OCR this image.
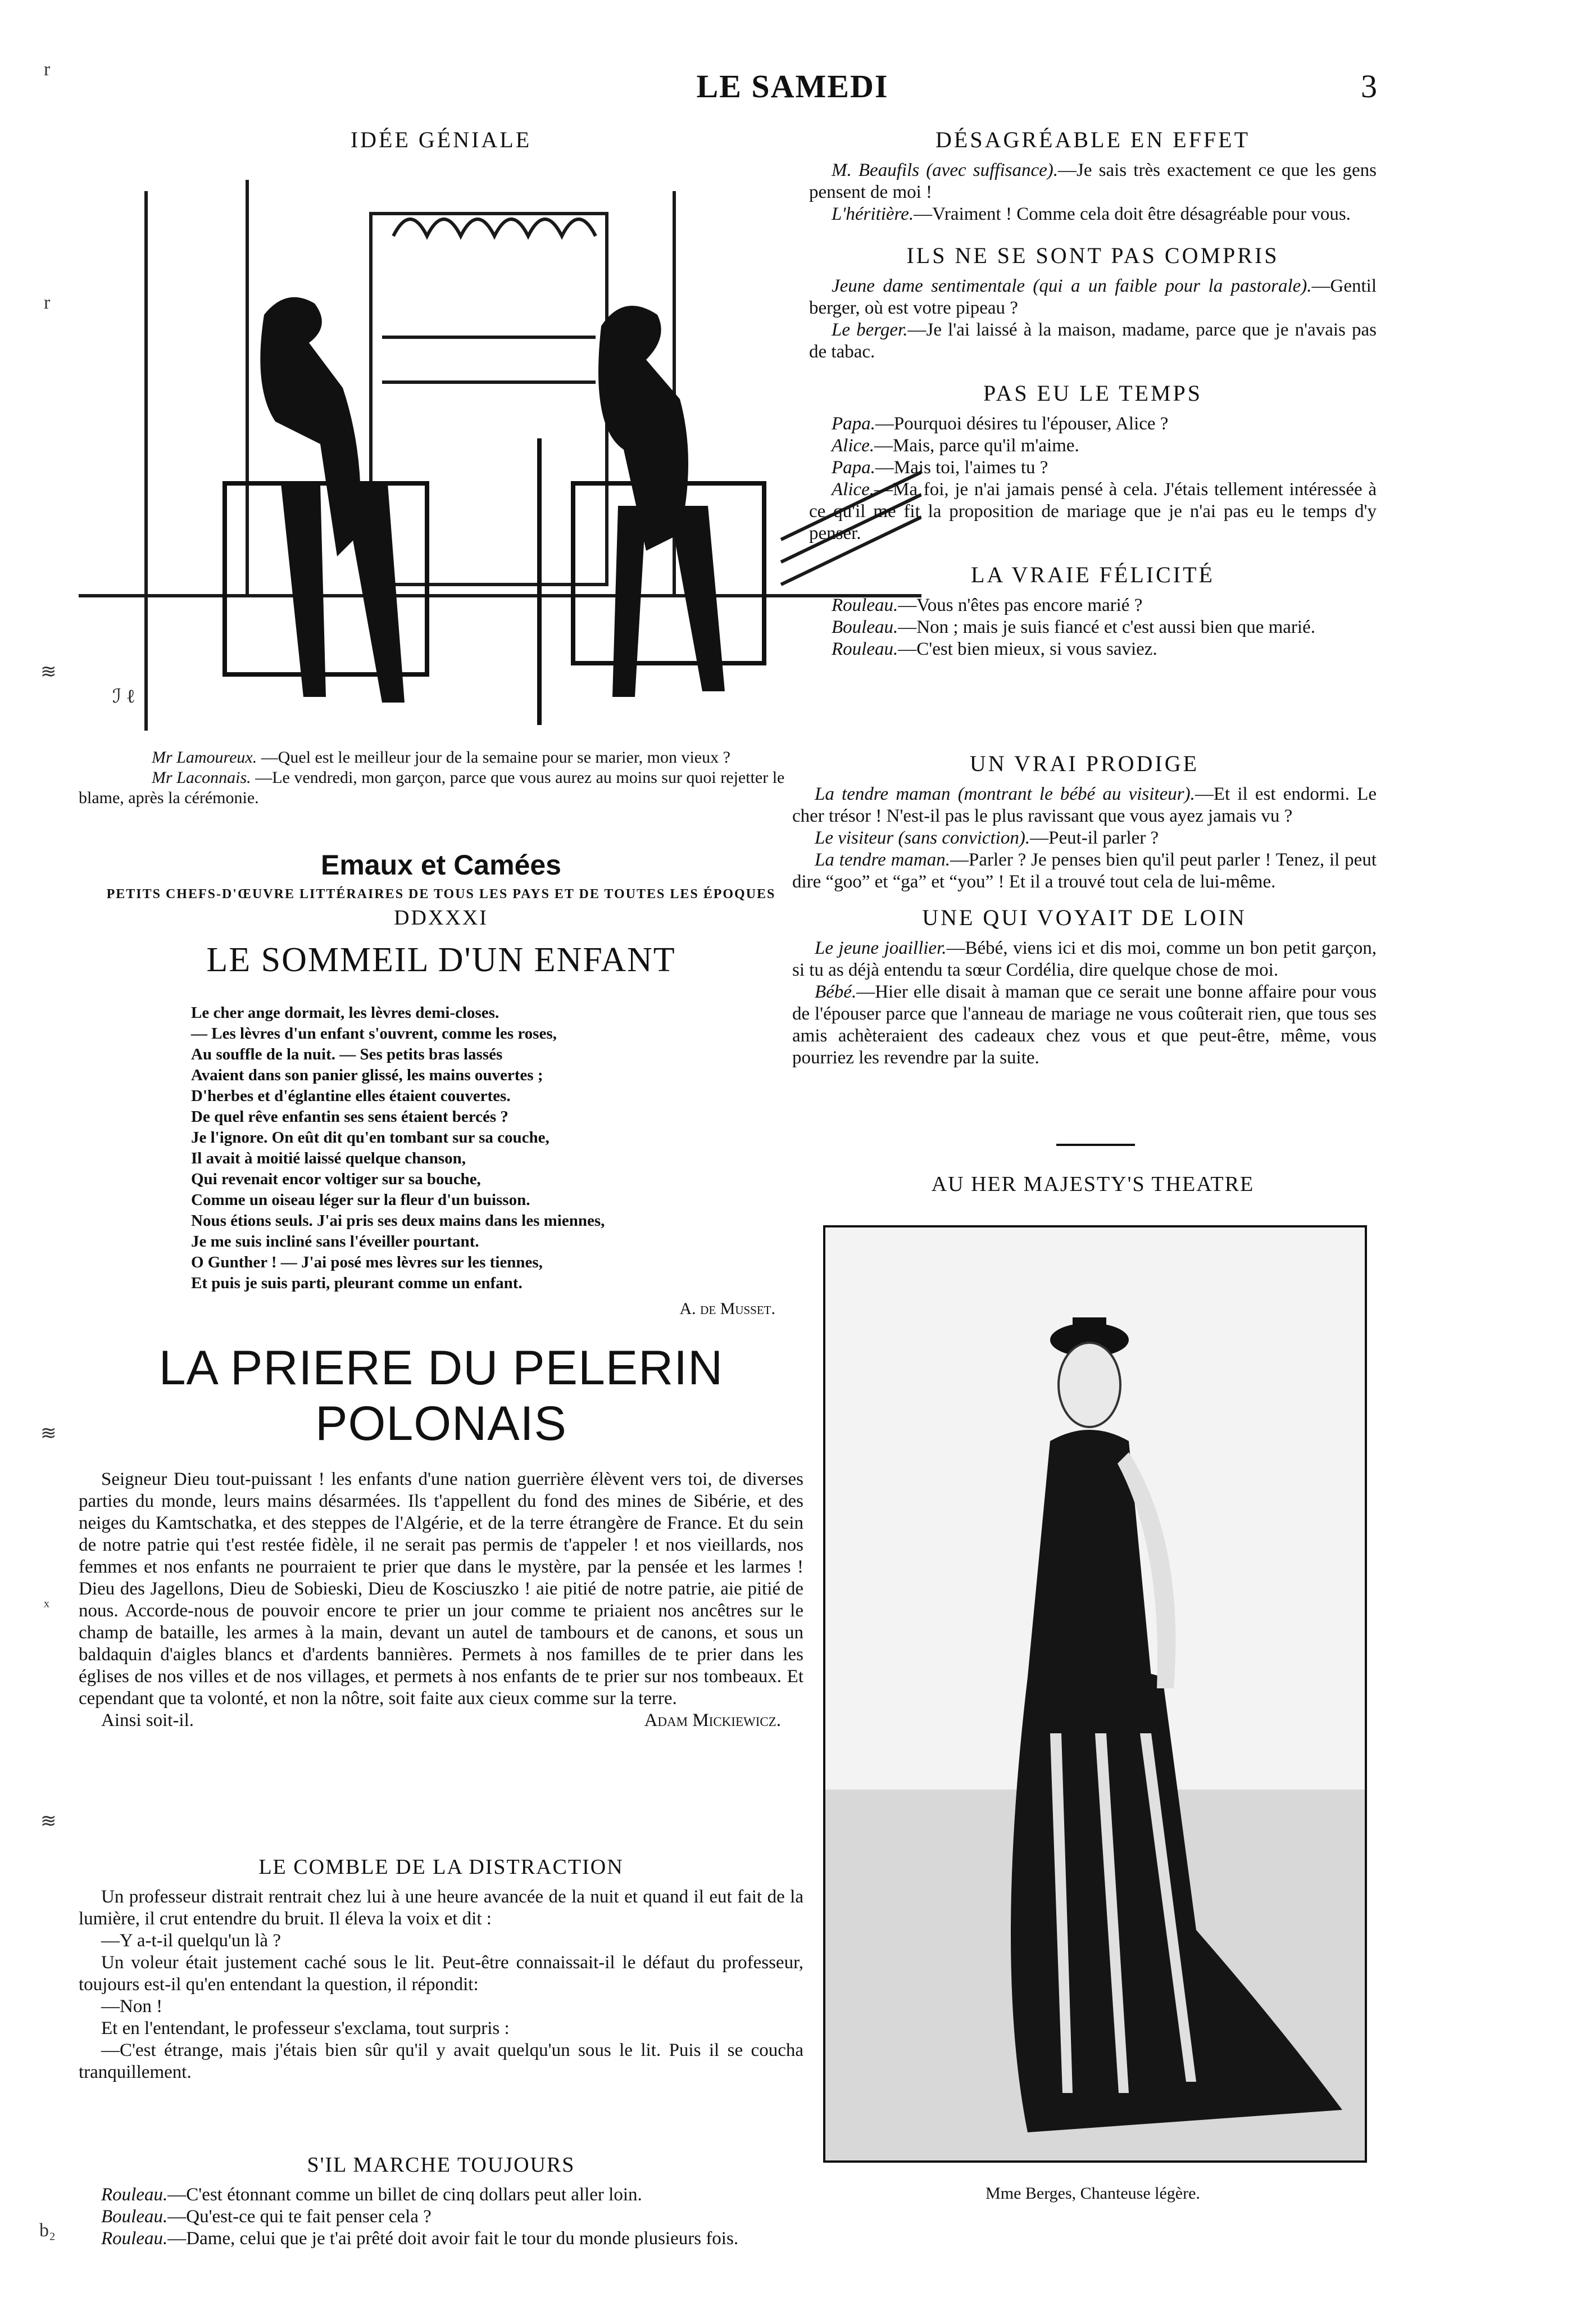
LE SAMEDI	3
r
r
≋
≋
ˣ
≋
b₂
IDÉE GÉNIALE
ℐ ℓ
Mr Lamoureux. —Quel est le meilleur jour de la semaine pour se marier, mon vieux ?
Mr Laconnais. —Le vendredi, mon garçon, parce que vous aurez au moins sur quoi rejetter le blame, après la cérémonie.
Emaux et Camées
PETITS CHEFS-D'ŒUVRE LITTÉRAIRES DE TOUS LES PAYS ET DE TOUTES LES ÉPOQUES
DDXXXI
LE SOMMEIL D'UN ENFANT
Le cher ange dormait, les lèvres demi-closes.
— Les lèvres d'un enfant s'ouvrent, comme les roses,
Au souffle de la nuit. — Ses petits bras lassés
Avaient dans son panier glissé, les mains ouvertes ;
D'herbes et d'églantine elles étaient couvertes.
De quel rêve enfantin ses sens étaient bercés ?
Je l'ignore. On eût dit qu'en tombant sur sa couche,
Il avait à moitié laissé quelque chanson,
Qui revenait encor voltiger sur sa bouche,
Comme un oiseau léger sur la fleur d'un buisson.
Nous étions seuls. J'ai pris ses deux mains dans les miennes,
Je me suis incliné sans l'éveiller pourtant.
O Gunther ! — J'ai posé mes lèvres sur les tiennes,
Et puis je suis parti, pleurant comme un enfant.
A. de Musset.
LA PRIERE DU PELERIN POLONAIS

Seigneur Dieu tout-puissant ! les enfants d'une nation guerrière élèvent vers toi, de diverses parties du monde, leurs mains désarmées. Ils t'appellent du fond des mines de Sibérie, et des neiges du Kamtschatka, et des steppes de l'Algérie, et de la terre étrangère de France. Et du sein de notre patrie qui t'est restée fidèle, il ne serait pas permis de t'appeler ! et nos vieillards, nos femmes et nos enfants ne pourraient te prier que dans le mystère, par la pensée et les larmes ! Dieu des Jagellons, Dieu de Sobieski, Dieu de Kosciuszko ! aie pitié de notre patrie, aie pitié de nous. Accorde-nous de pouvoir encore te prier un jour comme te priaient nos ancêtres sur le champ de bataille, les armes à la main, devant un autel de tambours et de canons, et sous un baldaquin d'aigles blancs et d'ardents bannières. Permets à nos familles de te prier dans les églises de nos villes et de nos villages, et permets à nos enfants de te prier sur nos tombeaux. Et cependant que ta volonté, et non la nôtre, soit faite aux cieux comme sur la terre.

Ainsi soit-il.	Adam Mickiewicz.
LE COMBLE DE LA DISTRACTION

Un professeur distrait rentrait chez lui à une heure avancée de la nuit et quand il eut fait de la lumière, il crut entendre du bruit. Il éleva la voix et dit :

—Y a-t-il quelqu'un là ?

Un voleur était justement caché sous le lit. Peut-être connaissait-il le défaut du professeur, toujours est-il qu'en entendant la question, il répondit:

—Non !

Et en l'entendant, le professeur s'exclama, tout surpris :

—C'est étrange, mais j'étais bien sûr qu'il y avait quelqu'un sous le lit. Puis il se coucha tranquillement.

S'IL MARCHE TOUJOURS

Rouleau.—C'est étonnant comme un billet de cinq dollars peut aller loin.

Bouleau.—Qu'est-ce qui te fait penser cela ?

Rouleau.—Dame, celui que je t'ai prêté doit avoir fait le tour du monde plusieurs fois.

DÉSAGRÉABLE EN EFFET

M. Beaufils (avec suffisance).—Je sais très exactement ce que les gens pensent de moi !

L'héritière.—Vraiment ! Comme cela doit être désagréable pour vous.

ILS NE SE SONT PAS COMPRIS

Jeune dame sentimentale (qui a un faible pour la pastorale).—Gentil berger, où est votre pipeau ?

Le berger.—Je l'ai laissé à la maison, madame, parce que je n'avais pas de tabac.

PAS EU LE TEMPS

Papa.—Pourquoi désires tu l'épouser, Alice ?

Alice.—Mais, parce qu'il m'aime.

Papa.—Mais toi, l'aimes tu ?

Alice.—Ma foi, je n'ai jamais pensé à cela. J'étais tellement intéressée à ce qu'il me fit la proposition de mariage que je n'ai pas eu le temps d'y penser.

LA VRAIE FÉLICITÉ

Rouleau.—Vous n'êtes pas encore marié ?

Bouleau.—Non ; mais je suis fiancé et c'est aussi bien que marié.

Rouleau.—C'est bien mieux, si vous saviez.

UN VRAI PRODIGE

La tendre maman (montrant le bébé au visiteur).—Et il est endormi. Le cher trésor ! N'est-il pas le plus ravissant que vous ayez jamais vu ?

Le visiteur (sans conviction).—Peut-il parler ?

La tendre maman.—Parler ? Je penses bien qu'il peut parler ! Tenez, il peut dire “goo” et “ga” et “you” ! Et il a trouvé tout cela de lui-même.

UNE QUI VOYAIT DE LOIN

Le jeune joaillier.—Bébé, viens ici et dis moi, comme un bon petit garçon, si tu as déjà entendu ta sœur Cordélia, dire quelque chose de moi.

Bébé.—Hier elle disait à maman que ce serait une bonne affaire pour vous de l'épouser parce que l'anneau de mariage ne vous coûterait rien, que tous ses amis achèteraient des cadeaux chez vous et que peut-être, même, vous pourriez les revendre par la suite.

AU HER MAJESTY'S THEATRE
Mme Berges, Chanteuse légère.
